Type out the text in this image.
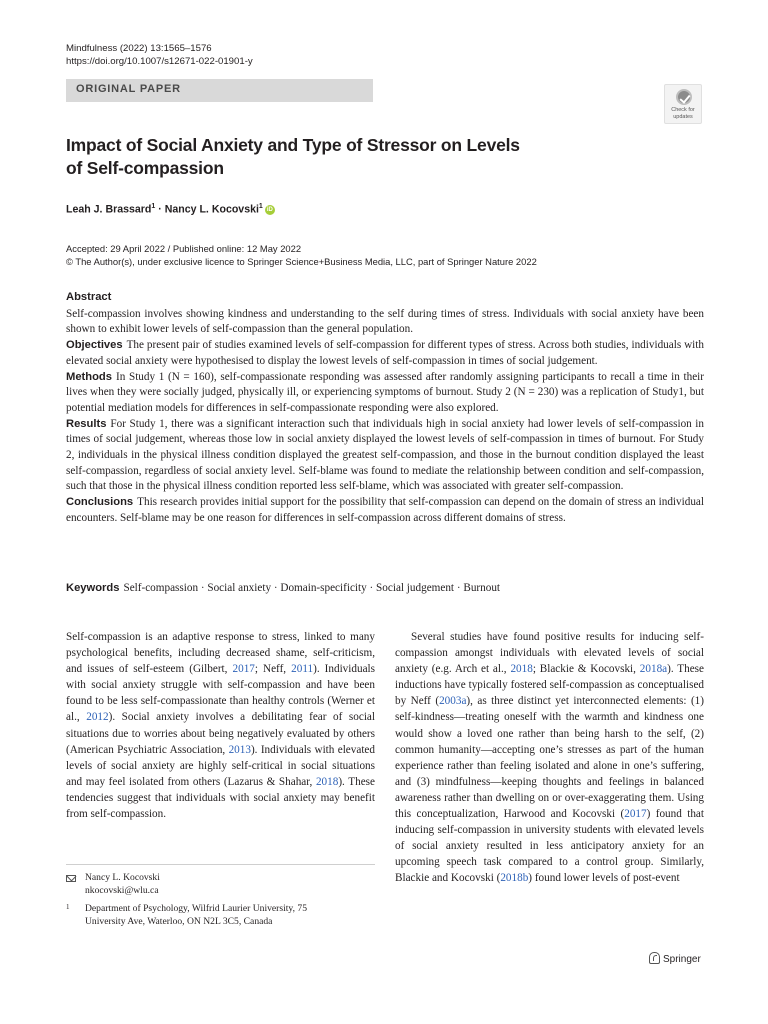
Mindfulness (2022) 13:1565–1576
https://doi.org/10.1007/s12671-022-01901-y
ORIGINAL PAPER
Check for
updates
Impact of Social Anxiety and Type of Stressor on Levels
of Self-compassion
Leah J. Brassard$^1$ · Nancy L. Kocovski$^1$ iD
Accepted: 29 April 2022 / Published online: 12 May 2022
© The Author(s), under exclusive licence to Springer Science+Business Media, LLC, part of Springer Nature 2022
Abstract

Self-compassion involves showing kindness and understanding to the self during times of stress. Individuals with social anxiety have been shown to exhibit lower levels of self-compassion than the general population.

Objectives The present pair of studies examined levels of self-compassion for different types of stress. Across both studies, individuals with elevated social anxiety were hypothesised to display the lowest levels of self-compassion in times of social judgement.

Methods In Study 1 (N = 160), self-compassionate responding was assessed after randomly assigning participants to recall a time in their lives when they were socially judged, physically ill, or experiencing symptoms of burnout. Study 2 (N = 230) was a replication of Study1, but potential mediation models for differences in self-compassionate responding were also explored.

Results For Study 1, there was a significant interaction such that individuals high in social anxiety had lower levels of self-compassion in times of social judgement, whereas those low in social anxiety displayed the lowest levels of self-compassion in times of burnout. For Study 2, individuals in the physical illness condition displayed the greatest self-compassion, and those in the burnout condition displayed the least self-compassion, regardless of social anxiety level. Self-blame was found to mediate the relationship between condition and self-compassion, such that those in the physical illness condition reported less self-blame, which was associated with greater self-compassion.

Conclusions This research provides initial support for the possibility that self-compassion can depend on the domain of stress an individual encounters. Self-blame may be one reason for differences in self-compassion across different domains of stress.

Keywords Self-compassion · Social anxiety · Domain-specificity · Social judgement · Burnout
Self-compassion is an adaptive response to stress, linked to many psychological benefits, including decreased shame, self-criticism, and issues of self-esteem (Gilbert, 2017; Neff, 2011). Individuals with social anxiety struggle with self-compassion and have been found to be less self-compassionate than healthy controls (Werner et al., 2012). Social anxiety involves a debilitating fear of social situations due to worries about being negatively evaluated by others (American Psychiatric Association, 2013). Individuals with elevated levels of social anxiety are highly self-critical in social situations and may feel isolated from others (Lazarus & Shahar, 2018). These tendencies suggest that individuals with social anxiety may benefit from self-compassion.
Several studies have found positive results for inducing self-compassion amongst individuals with elevated levels of social anxiety (e.g. Arch et al., 2018; Blackie & Kocovski, 2018a). These inductions have typically fostered self-compassion as conceptualised by Neff (2003a), as three distinct yet interconnected elements: (1) self-kindness—treating oneself with the warmth and kindness one would show a loved one rather than being harsh to the self, (2) common humanity—accepting one’s stresses as part of the human experience rather than feeling isolated and alone in one’s suffering, and (3) mindfulness—keeping thoughts and feelings in balanced awareness rather than dwelling on or over-exaggerating them. Using this conceptualization, Harwood and Kocovski (2017) found that inducing self-compassion in university students with elevated levels of social anxiety resulted in less anticipatory anxiety for an upcoming speech task compared to a control group. Similarly, Blackie and Kocovski (2018b) found lower levels of post-event
Nancy L. Kocovski
nkocovski@wlu.ca
1 Department of Psychology, Wilfrid Laurier University, 75
University Ave, Waterloo, ON N2L 3C5, Canada
Springer
